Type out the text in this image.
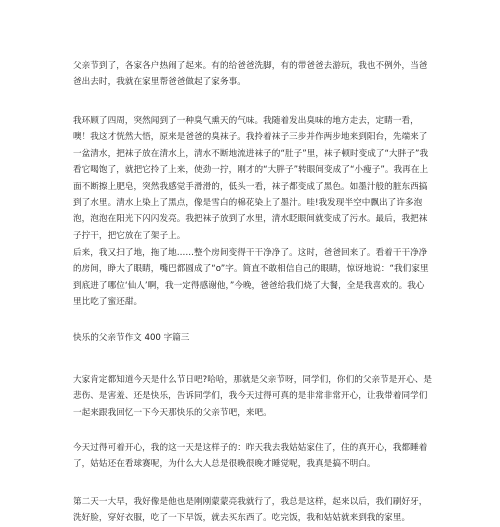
父亲节到了，各家各户热闹了起来。有的给爸爸洗脚，有的带爸爸去游玩，我也不例外，当爸爸出去时，我就在家里帮爸爸做起了家务事。

我环顾了四周，突然闻到了一种臭气熏天的气味。我随着发出臭味的地方走去，定睛一看，噢！我这才恍然大悟，原来是爸爸的臭袜子。我拎着袜子三步并作两步地来到阳台，先端来了一盆清水，把袜子放在清水上，清水不断地流进袜子的“肚子”里，袜子顿时变成了“大胖子”我看它喝饱了，就把它拎了上来，使劲一拧，刚才的“大胖子”转眼间变成了“小瘦子”。我再在上面不断擦上肥皂，突然我感觉手滑滑的，低头一看，袜子都变成了黑色。如墨汁般的脏东西搞到了水里。清水上染上了黑点，像是雪白的棉花染上了墨汁。哇!我发现半空中飘出了许多泡泡，泡泡在阳光下闪闪发亮。我把袜子放到了水里，清水眨眼间就变成了污水。最后，我把袜子拧干，把它放在了架子上。

后来，我又扫了地，拖了地……整个房间变得干干净净了。这时，爸爸回来了。看着干干净净的房间，睁大了眼睛，嘴巴都圆成了“o”字。简直不敢相信自己的眼睛，惊讶地说：“我们家里到底进了哪位‘仙人’啊，我一定得感谢他，”今晚，爸爸给我们烧了大餐，全是我喜欢的。我心里比吃了蜜还甜。

快乐的父亲节作文 400 字篇三

大家肯定都知道今天是什么节日吧?哈哈，那就是父亲节呀，同学们，你们的父亲节是开心、是悲伤、是害羞、还是快乐，告诉同学们，我今天过得可真的是非常非常开心，让我带着同学们一起来跟我回忆一下今天那快乐的父亲节吧，来吧。

今天过得可着开心，我的这一天是这样子的：昨天我去我姑姑家住了，住的真开心，我都睡着了，姑姑还在看球赛呢，为什么大人总是很晚很晚才睡觉呢，我真是搞不明白。

第二天一大早，我好像是他也是刚刚蒙蒙亮我就行了，我总是这样，起来以后，我们刷好牙，洗好脸，穿好衣服，吃了一下早饭，就去买东西了。吃完饭，我和姑姑就来到我的家里。
